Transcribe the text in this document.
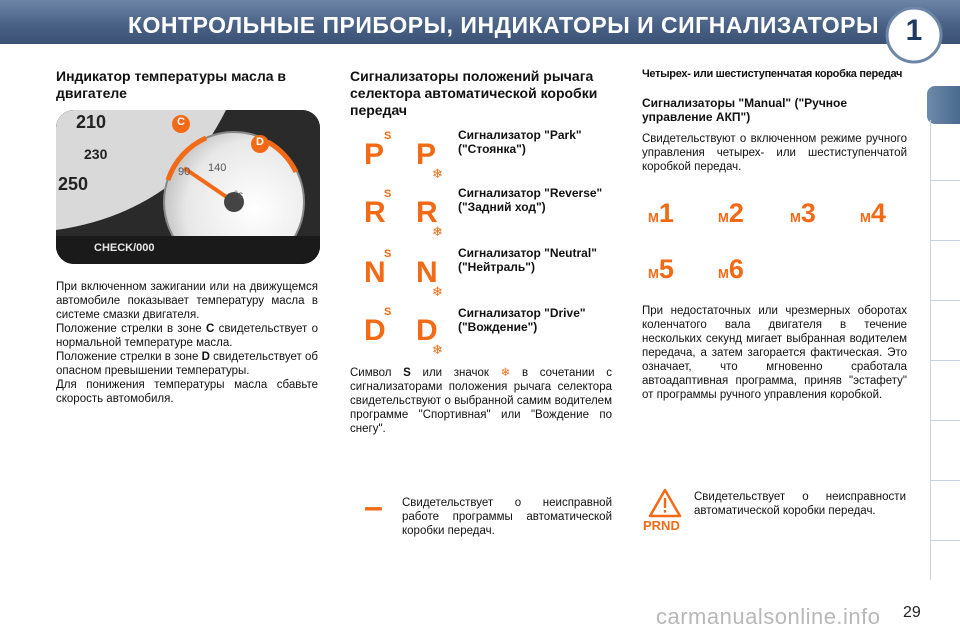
КОНТРОЛЬНЫЕ ПРИБОРЫ, ИНДИКАТОРЫ И СИГНАЛИЗАТОРЫ 1
Индикатор температуры масла в двигателе
210
230
250
90 140
°c
C
D
CHECK/000

При включенном зажигании или на движущемся автомобиле показывает температуру масла в системе смазки двигателя.

Положение стрелки в зоне C свидетельствует о нормальной температуре масла.

Положение стрелки в зоне D свидетельствует об опасном превышении температуры.

Для понижения температуры масла сбавьте скорость автомобиля.

Сигнализаторы положений рычага селектора автоматической коробки передач
S
P P
❄
Сигнализатор "Park" ("Стоянка")
S
R R
❄
Сигнализатор "Reverse" ("Задний ход")
S
N N
❄
Сигнализатор "Neutral" ("Нейтраль")
S
D D
❄
Сигнализатор "Drive" ("Вождение")

Символ S или значок ❄ в сочетании с сигнализаторами положения рычага селектора свидетельствуют о выбранной самим водителем программе "Спортивная" или "Вождение по снегу".

– Свидетельствует о неисправной работе программы автоматической коробки передач.

Четырех- или шестиступенчатая коробка передач
Сигнализаторы "Manual" ("Ручное управление АКП")

Свидетельствуют о включенном режиме ручного управления четырех- или шестиступенчатой коробкой передач.

M1	M2	M3	M4
M5	M6

При недостаточных или чрезмерных оборотах коленчатого вала двигателя в течение нескольких секунд мигает выбранная водителем передача, а затем загорается фактическая. Это означает, что мгновенно сработала автоадаптивная программа, приняв "эстафету" от программы ручного управления коробкой.

PRND

Свидетельствует о неисправности автоматической коробки передач.

carmanualsonline.info 29
